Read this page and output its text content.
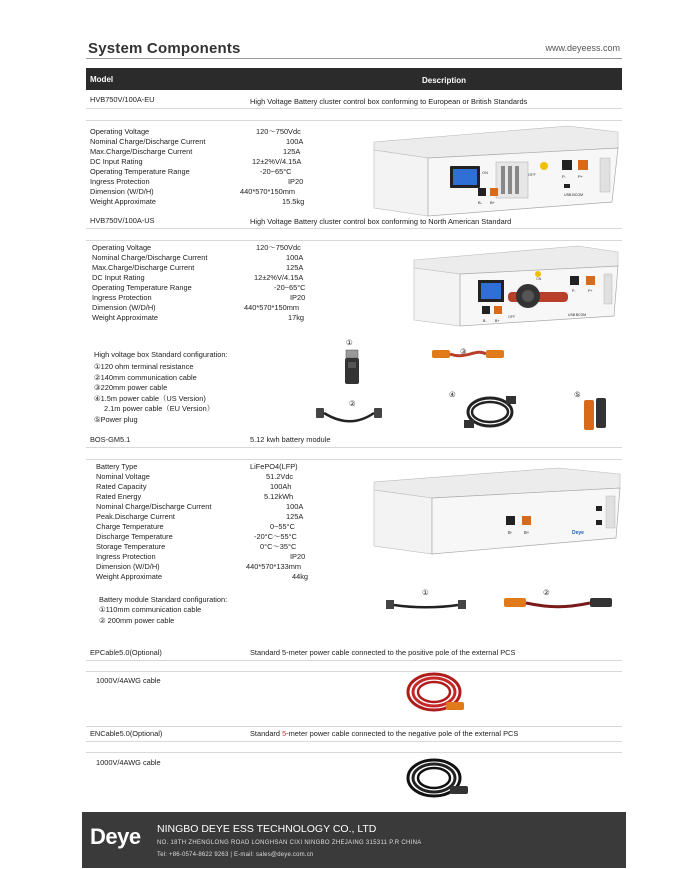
System Components	www.deyeess.com
Model	Description
HVB750V/100A-EU	High Voltage Battery cluster control box conforming to European or British Standards
Operating Voltage	120～750Vdc
Nominal Charge/Discharge Current	100A
Max.Charge/Discharge Current	125A
DC Input Rating	12±2%V/4.15A
Operating Temperature Range	-20~65°C
Ingress Protection	IP20
Dimension (W/D/H)	440*570*150mm
Weight Approximate	15.5kg
ON	OFF
B- B+
P-	P+
USB BCOM
HVB750V/100A-US	High Voltage Battery cluster control box conforming to North American Standard
Operating Voltage	120～750Vdc
Nominal Charge/Discharge Current	100A
Max.Charge/Discharge Current	125A
DC Input Rating	12±2%V/4.15A
Operating Temperature Range	-20~65°C
Ingress Protection	IP20
Dimension (W/D/H)	440*570*150mm
Weight Approximate	17kg
ON
OFF
P-	P+
B- B+
USB BCOM
High voltage box Standard configuration:
①120 ohm terminal resistance
②140mm communication cable
③220mm power cable
④1.5m power cable（US Version)
2.1m power cable（EU Version）
⑤Power plug
①
③
②
④	⑤
BOS-GM5.1	5.12 kwh battery module
Battery Type	LiFePO4(LFP)
Nominal Voltage	51.2Vdc
Rated Capacity	100Ah
Rated Energy	5.12kWh
Nominal Charge/Discharge Current	100A
Peak.Discharge Current	125A
Charge Temperature	0~55°C
Discharge Temperature	-20°C～55°C
Storage Temperature	0°C～35°C
Ingress Protection	IP20
Dimension (W/D/H)	440*570*133mm
Weight Approximate	44kg
B-	B+	Deye
Battery module Standard configuration:
①110mm communication cable
② 200mm power cable
①	②
EPCable5.0(Optional)	Standard 5-meter power cable connected to the positive pole of the external PCS
1000V/4AWG cable
ENCable5.0(Optional)	Standard 5-meter power cable connected to the negative pole of the external PCS
1000V/4AWG cable
Deye NINGBO DEYE ESS TECHNOLOGY CO., LTD
NO. 18TH ZHENGLONG ROAD LONGHSAN CIXI NINGBO ZHEJAING 315311 P.R CHINA
Tel: +86-0574-8622 9263 | E-mail: sales@deye.com.cn
